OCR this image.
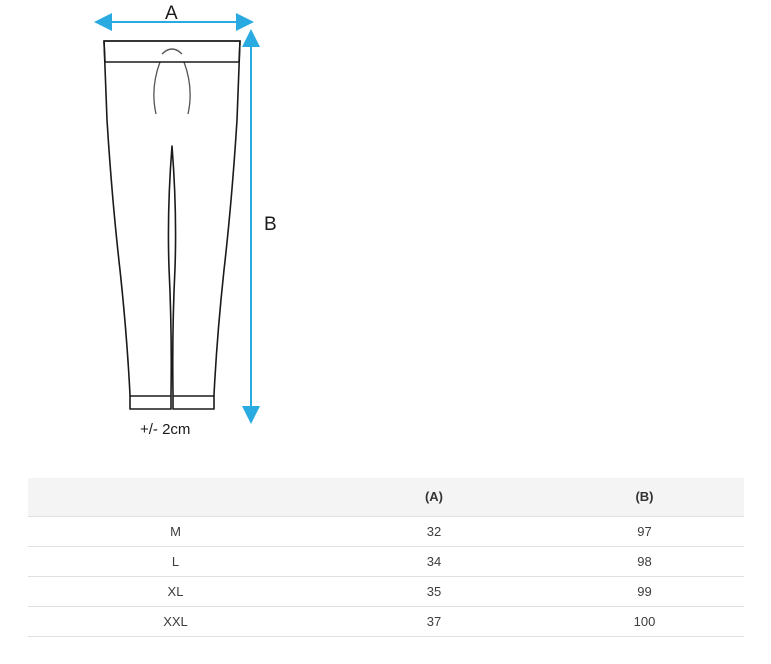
A
B
+/- 2cm
	(A)	(B)
M	32	97
L	34	98
XL	35	99
XXL	37	100
